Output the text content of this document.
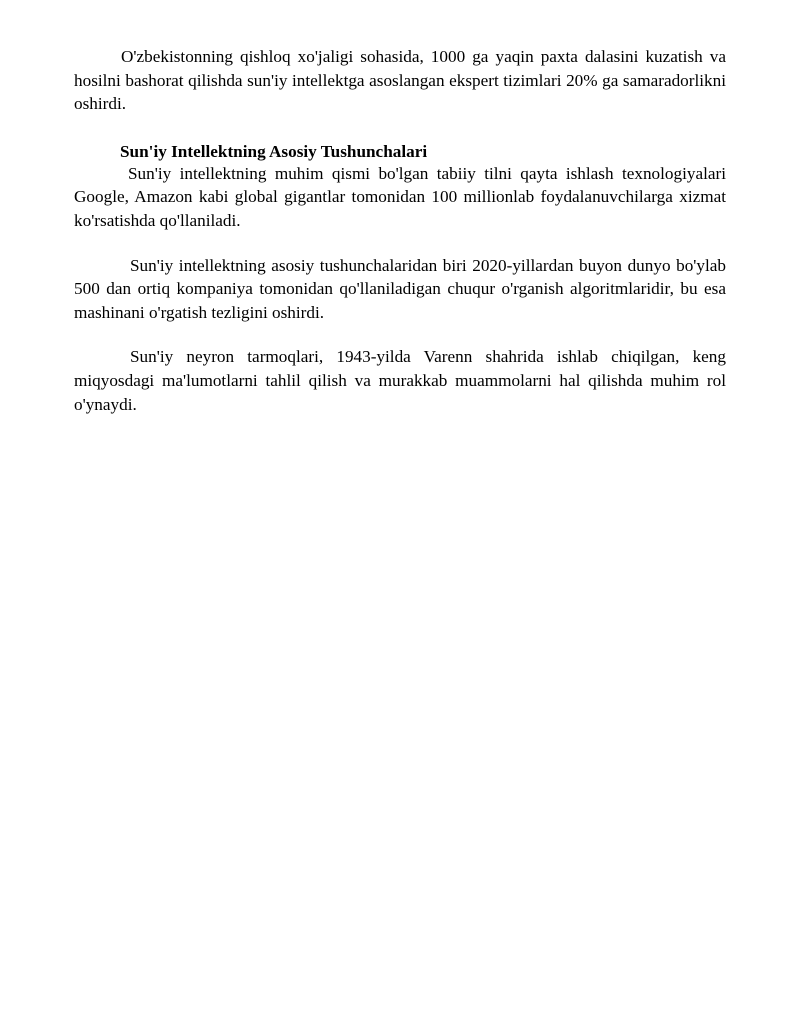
O'zbekistonning qishloq xo'jaligi sohasida, 1000 ga yaqin paxta dalasini kuzatish va hosilni bashorat qilishda sun'iy intellektga asoslangan ekspert tizimlari 20% ga samaradorlikni oshirdi.

Sun'iy Intellektning Asosiy Tushunchalari

Sun'iy intellektning muhim qismi bo'lgan tabiiy tilni qayta ishlash texnologiyalari Google, Amazon kabi global gigantlar tomonidan 100 millionlab foydalanuvchilarga xizmat ko'rsatishda qo'llaniladi.

Sun'iy intellektning asosiy tushunchalaridan biri 2020-yillardan buyon dunyo bo'ylab 500 dan ortiq kompaniya tomonidan qo'llaniladigan chuqur o'rganish algoritmlaridir, bu esa mashinani o'rgatish tezligini oshirdi.

Sun'iy neyron tarmoqlari, 1943-yilda Varenn shahrida ishlab chiqilgan, keng miqyosdagi ma'lumotlarni tahlil qilish va murakkab muammolarni hal qilishda muhim rol o'ynaydi.
